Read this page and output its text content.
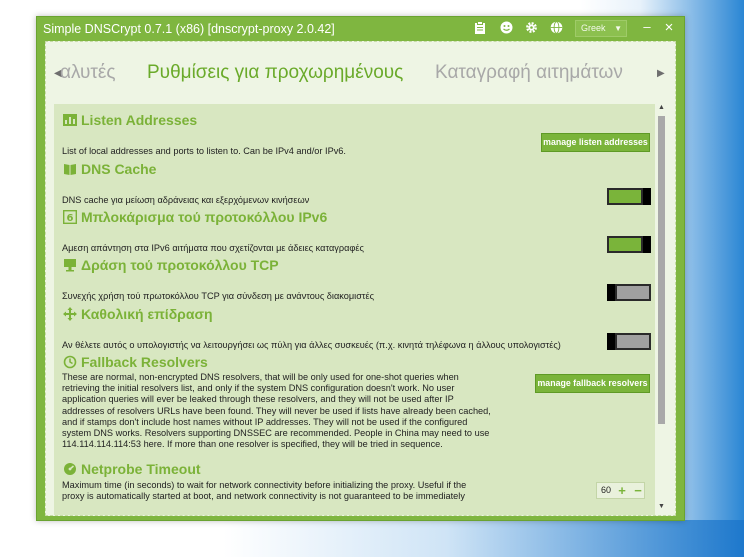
Simple DNSCrypt 0.7.1 (x86) [dnscrypt-proxy 2.0.42]	Greek ▼	– ×
◀
αλυτές Ρυθμίσεις για προχωρημένους Καταγραφή αιτημάτων	▶
Listen Addresses
List of local addresses and ports to listen to. Can be IPv4 and/or IPv6.
manage listen addresses
DNS Cache
DNS cache για μείωση αδράνειας και εξερχόμενων κινήσεων
6 Μπλοκάρισμα τού προτοκόλλου IPv6
Αμεση απάντηση στα IPv6 αιτήματα που σχετίζονται με άδειες καταγραφές
Δράση τού προτοκόλλου TCP
Συνεχής χρήση τού πρωτοκόλλου TCP για σύνδεση με ανάντους διακομιστές
Καθολική επίδραση
Αν θέλετε αυτός ο υπολογιστής να λειτουργήσει ως πύλη για άλλες συσκευές (π.χ. κινητά τηλέφωνα η άλλους υπολογιστές)
Fallback Resolvers
These are normal, non-encrypted DNS resolvers, that will be only used for one-shot queries when
retrieving the initial resolvers list, and only if the system DNS configuration doesn't work. No user
application queries will ever be leaked through these resolvers, and they will not be used after IP
addresses of resolvers URLs have been found. They will never be used if lists have already been cached,
and if stamps don't include host names without IP addresses. They will not be used if the configured
system DNS works. Resolvers supporting DNSSEC are recommended. People in China may need to use
114.114.114.114:53 here. If more than one resolver is specified, they will be tried in sequence.
manage fallback resolvers
Netprobe Timeout
Maximum time (in seconds) to wait for network connectivity before initializing the proxy. Useful if the
proxy is automatically started at boot, and network connectivity is not guaranteed to be immediately
60 + −
▲
▼
